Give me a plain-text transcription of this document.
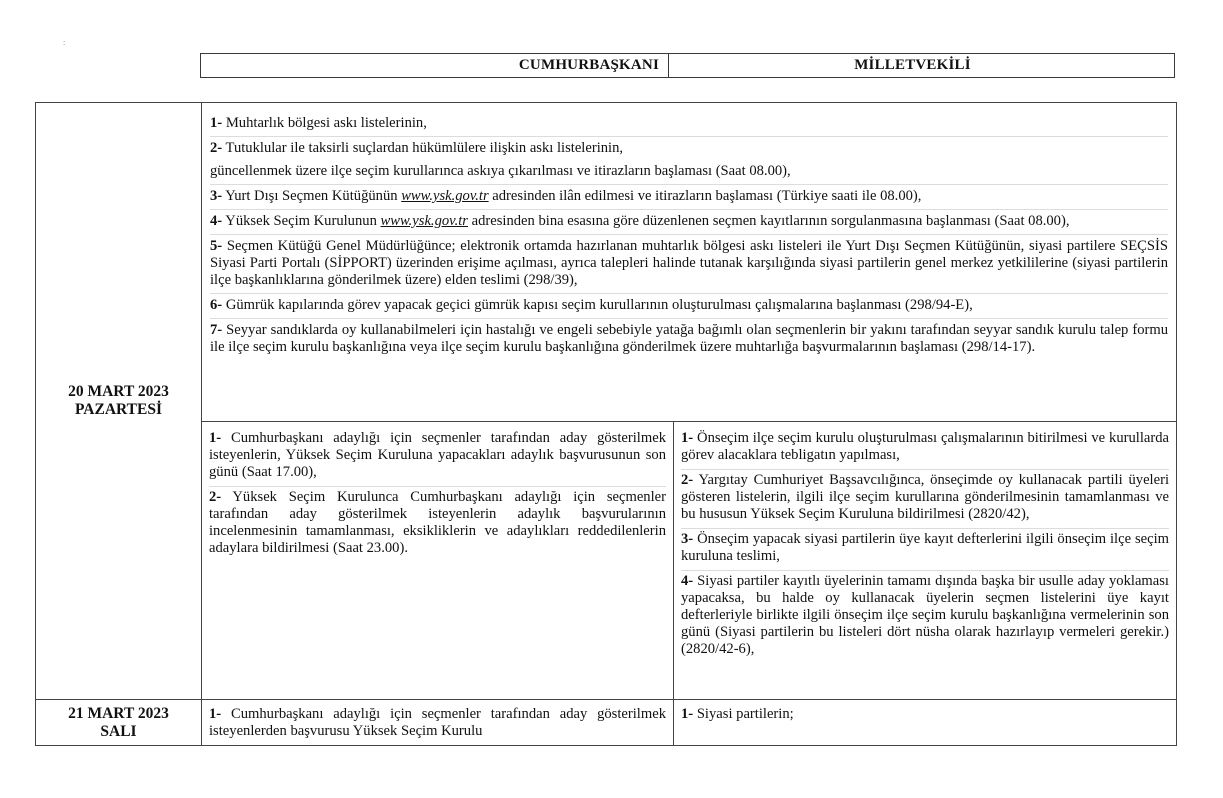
:
CUMHURBAŞKANI	MİLLETVEKİLİ
20 MART 2023
PAZARTESİ
1- Muhtarlık bölgesi askı listelerinin,
2- Tutuklular ile taksirli suçlardan hükümlülere ilişkin askı listelerinin,
güncellenmek üzere ilçe seçim kurullarınca askıya çıkarılması ve itirazların başlaması (Saat 08.00),
3- Yurt Dışı Seçmen Kütüğünün www.ysk.gov.tr adresinden ilân edilmesi ve itirazların başlaması (Türkiye saati ile 08.00),
4- Yüksek Seçim Kurulunun www.ysk.gov.tr adresinden bina esasına göre düzenlenen seçmen kayıtlarının sorgulanmasına başlanması (Saat 08.00),
5- Seçmen Kütüğü Genel Müdürlüğünce; elektronik ortamda hazırlanan muhtarlık bölgesi askı listeleri ile Yurt Dışı Seçmen Kütüğünün, siyasi partilere SEÇSİS Siyasi Parti Portalı (SİPPORT) üzerinden erişime açılması, ayrıca talepleri halinde tutanak karşılığında siyasi partilerin genel merkez yetkililerine (siyasi partilerin ilçe başkanlıklarına gönderilmek üzere) elden teslimi (298/39),
6- Gümrük kapılarında görev yapacak geçici gümrük kapısı seçim kurullarının oluşturulması çalışmalarına başlanması (298/94-E),
7- Seyyar sandıklarda oy kullanabilmeleri için hastalığı ve engeli sebebiyle yatağa bağımlı olan seçmenlerin bir yakını tarafından seyyar sandık kurulu talep formu ile ilçe seçim kurulu başkanlığına veya ilçe seçim kurulu başkanlığına gönderilmek üzere muhtarlığa başvurmalarının başlaması (298/14-17).
1- Cumhurbaşkanı adaylığı için seçmenler tarafından aday gösterilmek isteyenlerin, Yüksek Seçim Kuruluna yapacakları adaylık başvurusunun son günü (Saat 17.00),
2- Yüksek Seçim Kurulunca Cumhurbaşkanı adaylığı için seçmenler tarafından aday gösterilmek isteyenlerin adaylık başvurularının incelenmesinin tamamlanması, eksikliklerin ve adaylıkları reddedilenlerin adaylara bildirilmesi (Saat 23.00).
1- Önseçim ilçe seçim kurulu oluşturulması çalışmalarının bitirilmesi ve kurullarda görev alacaklara tebligatın yapılması,
2- Yargıtay Cumhuriyet Başsavcılığınca, önseçimde oy kullanacak partili üyeleri gösteren listelerin, ilgili ilçe seçim kurullarına gönderilmesinin tamamlanması ve bu hususun Yüksek Seçim Kuruluna bildirilmesi (2820/42),
3- Önseçim yapacak siyasi partilerin üye kayıt defterlerini ilgili önseçim ilçe seçim kuruluna teslimi,
4- Siyasi partiler kayıtlı üyelerinin tamamı dışında başka bir usulle aday yoklaması yapacaksa, bu halde oy kullanacak üyelerin seçmen listelerini üye kayıt defterleriyle birlikte ilgili önseçim ilçe seçim kurulu başkanlığına vermelerinin son günü (Siyasi partilerin bu listeleri dört nüsha olarak hazırlayıp vermeleri gerekir.) (2820/42-6),
21 MART 2023
SALI
1- Cumhurbaşkanı adaylığı için seçmenler tarafından aday gösterilmek isteyenlerden başvurusu Yüksek Seçim Kurulu
1- Siyasi partilerin;
